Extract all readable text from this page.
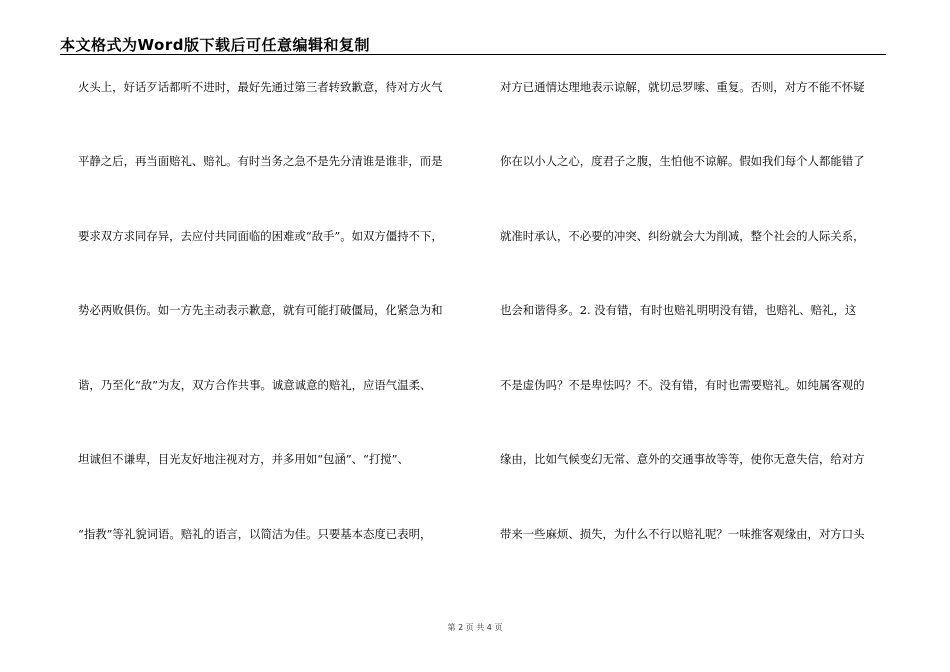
本文格式为Word版下载后可任意编辑和复制
火头上，好话歹话都听不进时，最好先通过第三者转致歉意，待对方火气
平静之后，再当面赔礼、赔礼。有时当务之急不是先分清谁是谁非，而是
要求双方求同存异，去应付共同面临的困难或“敌手”。如双方僵持不下，
势必两败俱伤。如一方先主动表示歉意，就有可能打破僵局，化紧急为和
谐，乃至化“敌”为友，双方合作共事。诚意诚意的赔礼，应语气温柔、
坦诚但不谦卑，目光友好地注视对方，并多用如“包涵”、“打搅”、
“指教”等礼貌词语。赔礼的语言，以简洁为佳。只要基本态度已表明，
对方已通情达理地表示谅解，就切忌罗嗦、重复。否则，对方不能不怀疑
你在以小人之心，度君子之腹，生怕他不谅解。假如我们每个人都能错了
就准时承认，不必要的冲突、纠纷就会大为削减，整个社会的人际关系，
也会和谐得多。2. 没有错，有时也赔礼明明没有错，也赔礼、赔礼，这
不是虚伪吗？不是卑怯吗？不。没有错，有时也需要赔礼。如纯属客观的
缘由，比如气候变幻无常、意外的交通事故等等，使你无意失信，给对方
带来一些麻烦、损失，为什么不行以赔礼呢？一味推客观缘由，对方口头
第 2 页 共 4 页
